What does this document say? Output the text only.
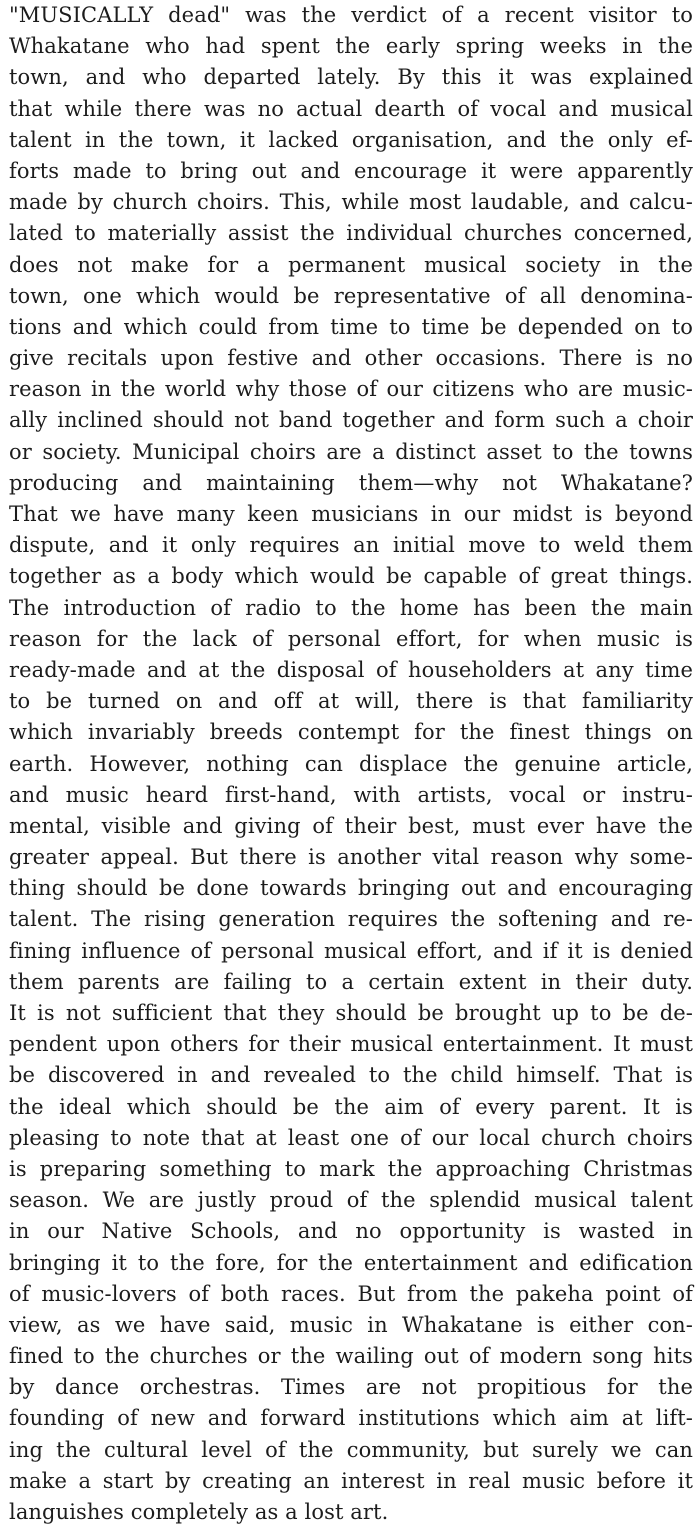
"MUSICALLY dead" was the verdict of a recent visitor to
Whakatane who had spent the early spring weeks in the
town, and who departed lately. By this it was explained
that while there was no actual dearth of vocal and musical
talent in the town, it lacked organisation, and the only ef-
forts made to bring out and encourage it were apparently
made by church choirs. This, while most laudable, and calcu-
lated to materially assist the individual churches concerned,
does not make for a permanent musical society in the
town, one which would be representative of all denomina-
tions and which could from time to time be depended on to
give recitals upon festive and other occasions. There is no
reason in the world why those of our citizens who are music-
ally inclined should not band together and form such a choir
or society. Municipal choirs are a distinct asset to the towns
producing and maintaining them—why not Whakatane?
That we have many keen musicians in our midst is beyond
dispute, and it only requires an initial move to weld them
together as a body which would be capable of great things.
The introduction of radio to the home has been the main
reason for the lack of personal effort, for when music is
ready-made and at the disposal of householders at any time
to be turned on and off at will, there is that familiarity
which invariably breeds contempt for the finest things on
earth. However, nothing can displace the genuine article,
and music heard first-hand, with artists, vocal or instru-
mental, visible and giving of their best, must ever have the
greater appeal. But there is another vital reason why some-
thing should be done towards bringing out and encouraging
talent. The rising generation requires the softening and re-
fining influence of personal musical effort, and if it is denied
them parents are failing to a certain extent in their duty.
It is not sufficient that they should be brought up to be de-
pendent upon others for their musical entertainment. It must
be discovered in and revealed to the child himself. That is
the ideal which should be the aim of every parent. It is
pleasing to note that at least one of our local church choirs
is preparing something to mark the approaching Christmas
season. We are justly proud of the splendid musical talent
in our Native Schools, and no opportunity is wasted in
bringing it to the fore, for the entertainment and edification
of music-lovers of both races. But from the pakeha point of
view, as we have said, music in Whakatane is either con-
fined to the churches or the wailing out of modern song hits
by dance orchestras. Times are not propitious for the
founding of new and forward institutions which aim at lift-
ing the cultural level of the community, but surely we can
make a start by creating an interest in real music before it
languishes completely as a lost art.
